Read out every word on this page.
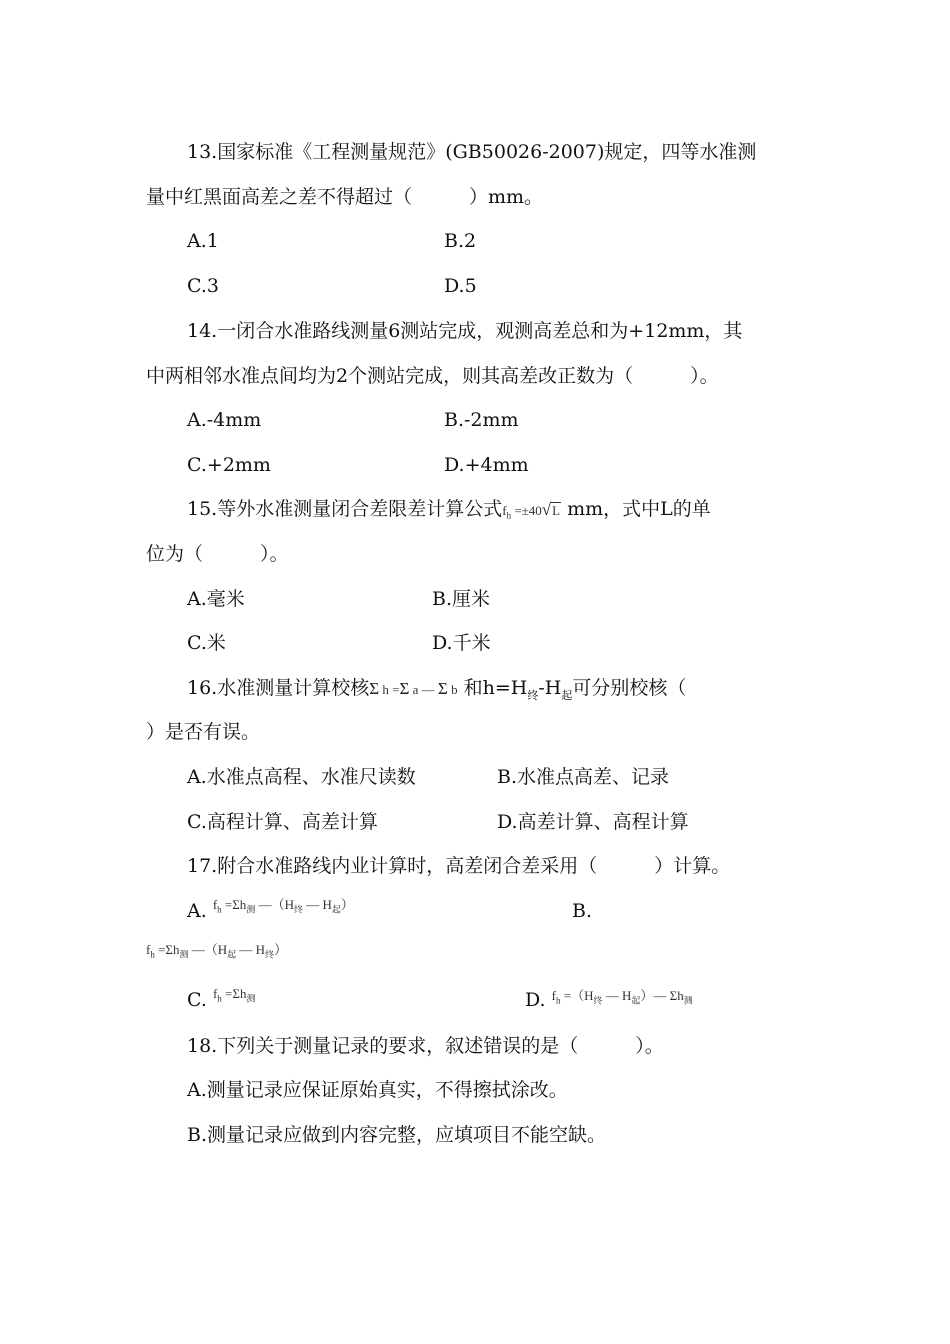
13.国家标准《工程测量规范》(GB50026-2007)规定，四等水准测
量中红黑面高差之差不得超过（　　　）mm。
A.1	B.2
C.3	D.5
14.一闭合水准路线测量6测站完成，观测高差总和为+12mm，其
中两相邻水准点间均为2个测站完成，则其高差改正数为（　　　）。
A.-4mm	B.-2mm
C.+2mm	D.+4mm
15.等外水准测量闭合差限差计算公式$f_h =\pm 40√L$ mm，式中L的单
位为（　　　）。
A.毫米	B.厘米
C.米	D.千米
16.水准测量计算校核Σ h =Σ a — Σ b 和$h=H_终-H_起$可分别校核（
）是否有误。
A.水准点高程、水准尺读数	B.水准点高差、记录
C.高程计算、高差计算	D.高差计算、高程计算
17.附合水准路线内业计算时，高差闭合差采用（　　　）计算。
A. $^{f_h =\Sigma h_测 —(H_终 — H_起)}$	B.
$f_h =\Sigma h_测$ $—(H_起$ — $H_终$）
C. $^{f_h =\Sigma h_测}$	D. $^{f_h =(H_终 — H_起)— \Sigma h_测}$
18.下列关于测量记录的要求，叙述错误的是（　　　）。
A.测量记录应保证原始真实，不得擦拭涂改。
B.测量记录应做到内容完整，应填项目不能空缺。
